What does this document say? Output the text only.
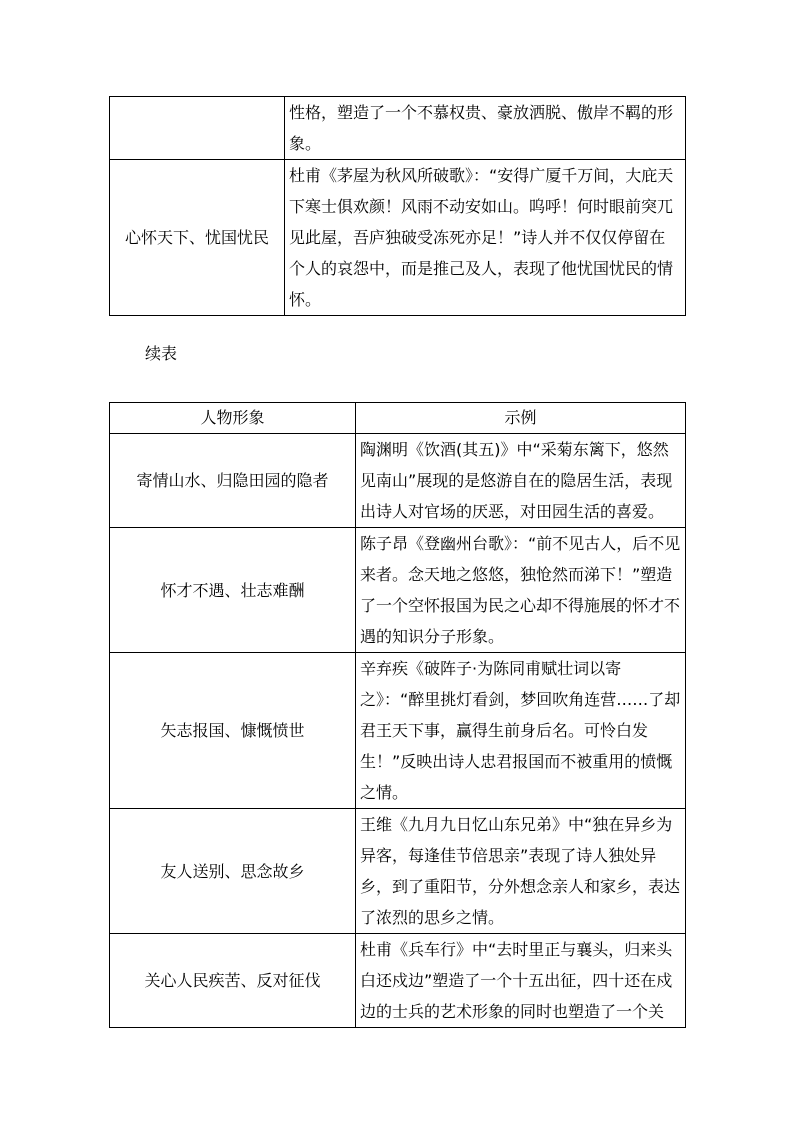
	性格，塑造了一个不慕权贵、豪放洒脱、傲岸不羁的形象。
心怀天下、忧国忧民	杜甫《茅屋为秋风所破歌》：“安得广厦千万间，大庇天下寒士俱欢颜！风雨不动安如山。呜呼！何时眼前突兀见此屋，吾庐独破受冻死亦足！”诗人并不仅仅停留在个人的哀怨中，而是推己及人，表现了他忧国忧民的情怀。
续表
人物形象	示例
寄情山水、归隐田园的隐者	陶渊明《饮酒(其五)》中“采菊东篱下，悠然见南山”展现的是悠游自在的隐居生活，表现出诗人对官场的厌恶，对田园生活的喜爱。
怀才不遇、壮志难酬	陈子昂《登幽州台歌》：“前不见古人，后不见来者。念天地之悠悠，独怆然而涕下！”塑造了一个空怀报国为民之心却不得施展的怀才不遇的知识分子形象。
矢志报国、慷慨愤世	辛弃疾《破阵子·为陈同甫赋壮词以寄之》：“醉里挑灯看剑，梦回吹角连营……了却君王天下事，赢得生前身后名。可怜白发生！”反映出诗人忠君报国而不被重用的愤慨之情。
友人送别、思念故乡	王维《九月九日忆山东兄弟》中“独在异乡为异客，每逢佳节倍思亲”表现了诗人独处异乡，到了重阳节，分外想念亲人和家乡，表达了浓烈的思乡之情。
关心人民疾苦、反对征伐	杜甫《兵车行》中“去时里正与襄头，归来头白还戍边”塑造了一个十五出征，四十还在戍边的士兵的艺术形象的同时也塑造了一个关
